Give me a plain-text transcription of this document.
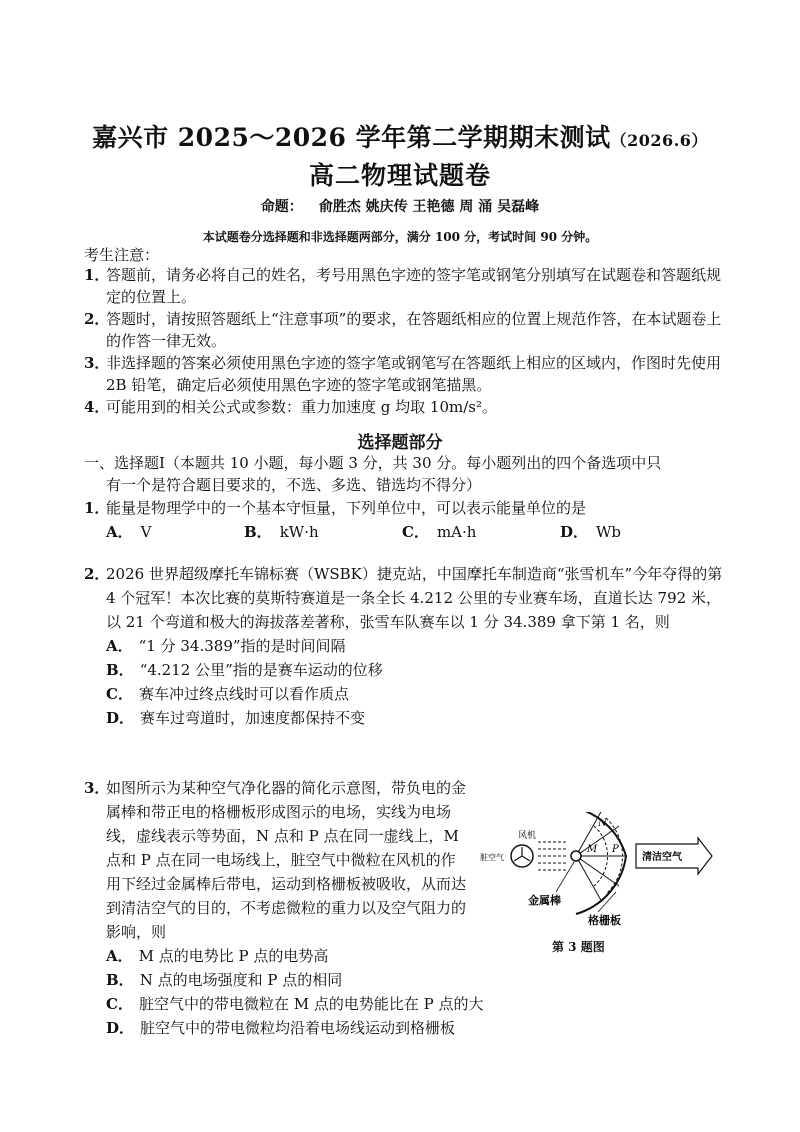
嘉兴市 2025～2026 学年第二学期期末测试（2026.6）
高二物理试题卷
命题： 俞胜杰 姚庆传 王艳德 周 涌 吴磊峰
本试题卷分选择题和非选择题两部分，满分 100 分，考试时间 90 分钟。
考生注意：
1．
答题前，请务必将自己的姓名，考号用黑色字迹的签字笔或钢笔分别填写在试题卷和答题纸规定的位置上。
2．
答题时，请按照答题纸上“注意事项”的要求，在答题纸相应的位置上规范作答，在本试题卷上的作答一律无效。
3．
非选择题的答案必须使用黑色字迹的签字笔或钢笔写在答题纸上相应的区域内，作图时先使用 2B 铅笔，确定后必须使用黑色字迹的签字笔或钢笔描黑。
4．
可能用到的相关公式或参数：重力加速度 g 均取 10m/s²。
选择题部分
一、选择题Ⅰ（本题共 10 小题，每小题 3 分，共 30 分。每小题列出的四个备选项中只
有一个是符合题目要求的，不选、多选、错选均不得分）
1．
能量是物理学中的一个基本守恒量，下列单位中，可以表示能量单位的是
A． V	B． kW·h	C． mA·h	D． Wb
2．
2026 世界超级摩托车锦标赛（WSBK）捷克站，中国摩托车制造商“张雪机车”今年夺得的第 4 个冠军！本次比赛的莫斯特赛道是一条全长 4.212 公里的专业赛车场，直道长达 792 米，以 21 个弯道和极大的海拔落差著称，张雪车队赛车以 1 分 34.389 拿下第 1 名，则
A． “1 分 34.389”指的是时间间隔
B． “4.212 公里”指的是赛车运动的位移
C． 赛车冲过终点线时可以看作质点
D． 赛车过弯道时，加速度都保持不变
3．
如图所示为某种空气净化器的简化示意图，带负电的金属棒和带正电的格栅板形成图示的电场，实线为电场线，虚线表示等势面，N 点和 P 点在同一虚线上，M 点和 P 点在同一电场线上，脏空气中微粒在风机的作用下经过金属棒后带电，运动到格栅板被吸收，从而达到清洁空气的目的，不考虑微粒的重力以及空气阻力的影响，则
A． M 点的电势比 P 点的电势高
B． N 点的电场强度和 P 点的相同
C． 脏空气中的带电微粒在 M 点的电势能比在 P 点的大
D． 脏空气中的带电微粒均沿着电场线运动到格栅板
风机
脏空气
N
M P
清洁空气
金属棒
格栅板
第 3 题图
